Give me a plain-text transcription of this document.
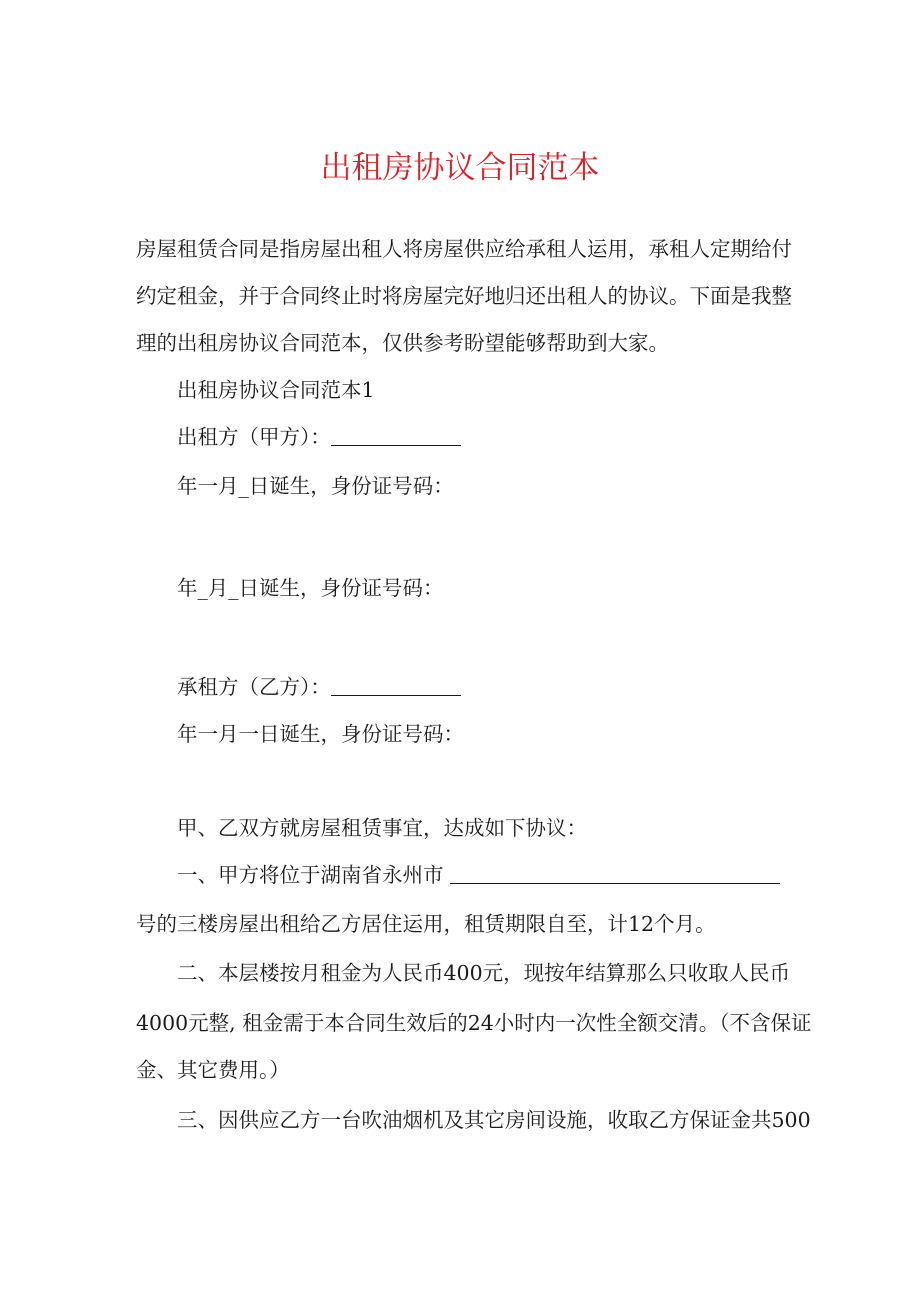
出租房协议合同范本
房屋租赁合同是指房屋出租人将房屋供应给承租人运用，承租人定期给付约定租金，并于合同终止时将房屋完好地归还出租人的协议。下面是我整理的出租房协议合同范本，仅供参考盼望能够帮助到大家。
出租房协议合同范本1
出租方（甲方）：
年一月_日诞生，身份证号码：
年_月_日诞生，身份证号码：
承租方（乙方）：
年一月一日诞生，身份证号码：
甲、乙双方就房屋租赁事宜，达成如下协议：
一、甲方将位于湖南省永州市
号的三楼房屋出租给乙方居住运用，租赁期限自至，计12个月。
二、本层楼按月租金为人民币400元，现按年结算那么只收取人民币
4000元整, 租金需于本合同生效后的24小时内一次性全额交清。（不含保证
金、其它费用。）
三、因供应乙方一台吹油烟机及其它房间设施，收取乙方保证金共500
